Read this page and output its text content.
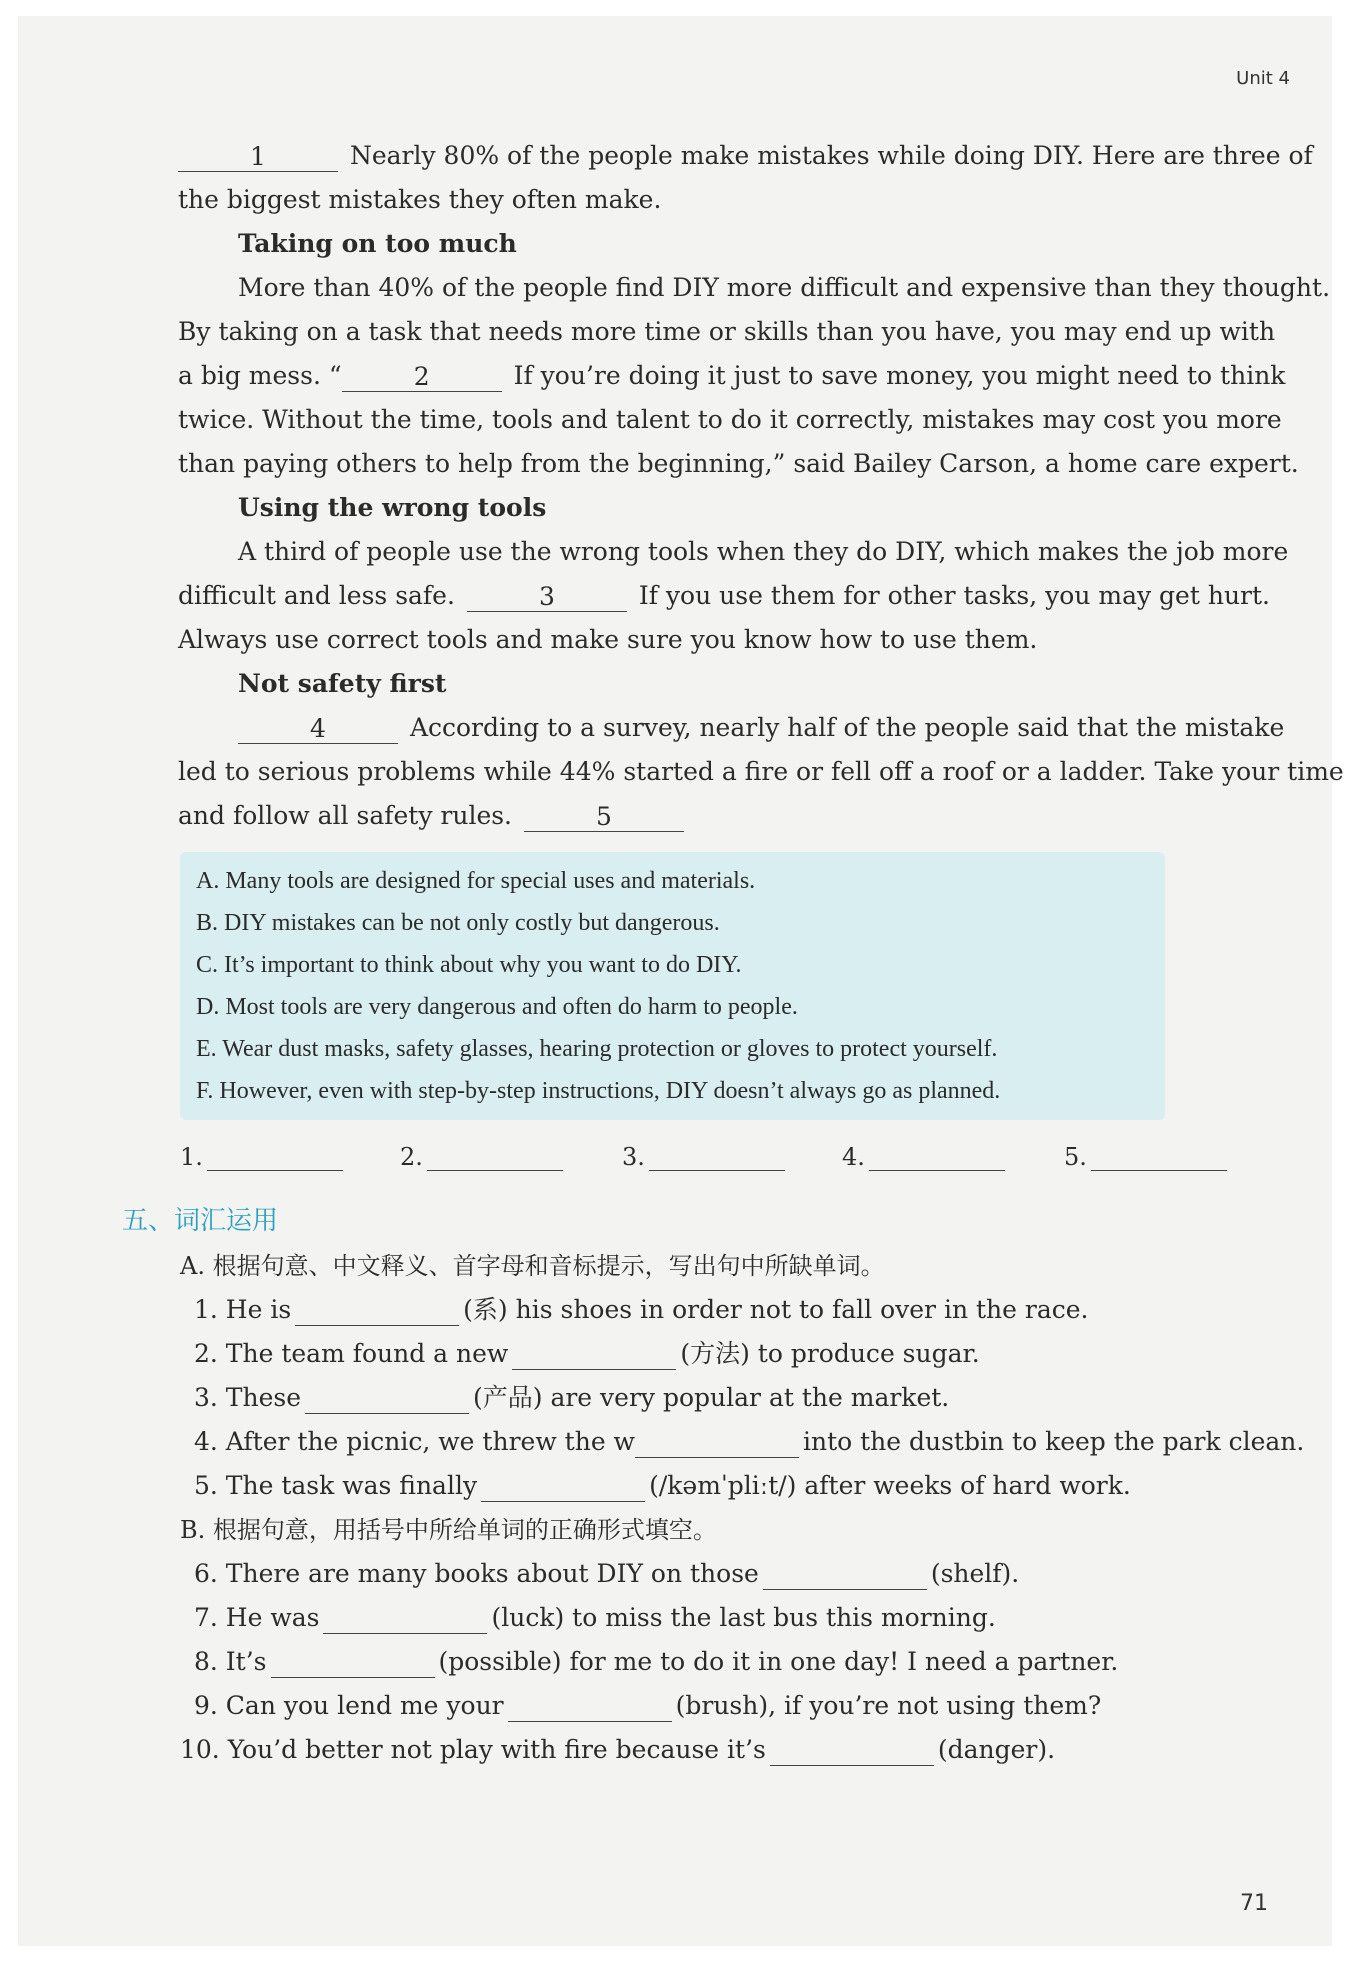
Unit 4
1	Nearly 80% of the people make mistakes while doing DIY. Here are three of
the biggest mistakes they often make.
Taking on too much
More than 40% of the people find DIY more difficult and expensive than they thought.
By taking on a task that needs more time or skills than you have, you may end up with
a big mess. “	2	If you’re doing it just to save money, you might need to think
twice. Without the time, tools and talent to do it correctly, mistakes may cost you more
than paying others to help from the beginning,” said Bailey Carson, a home care expert.
Using the wrong tools
A third of people use the wrong tools when they do DIY, which makes the job more
difficult and less safe.	3	If you use them for other tasks, you may get hurt.
Always use correct tools and make sure you know how to use them.
Not safety first
4	According to a survey, nearly half of the people said that the mistake
led to serious problems while 44% started a fire or fell off a roof or a ladder. Take your time
and follow all safety rules.	5
A. Many tools are designed for special uses and materials.
B. DIY mistakes can be not only costly but dangerous.
C. It’s important to think about why you want to do DIY.
D. Most tools are very dangerous and often do harm to people.
E. Wear dust masks, safety glasses, hearing protection or gloves to protect yourself.
F. However, even with step-by-step instructions, DIY doesn’t always go as planned.
1.	2.	3.	4.	5.
五、词汇运用
A. 根据句意、中文释义、首字母和音标提示，写出句中所缺单词。
1. He is	(系) his shoes in order not to fall over in the race.
2. The team found a new	(方法) to produce sugar.
3. These	(产品) are very popular at the market.
4. After the picnic, we threw the w	into the dustbin to keep the park clean.
5. The task was finally	(/kəmˈpliːt/) after weeks of hard work.
B. 根据句意，用括号中所给单词的正确形式填空。
6. There are many books about DIY on those	(shelf).
7. He was	(luck) to miss the last bus this morning.
8. It’s	(possible) for me to do it in one day! I need a partner.
9. Can you lend me your	(brush), if you’re not using them?
10. You’d better not play with fire because it’s	(danger).
71
